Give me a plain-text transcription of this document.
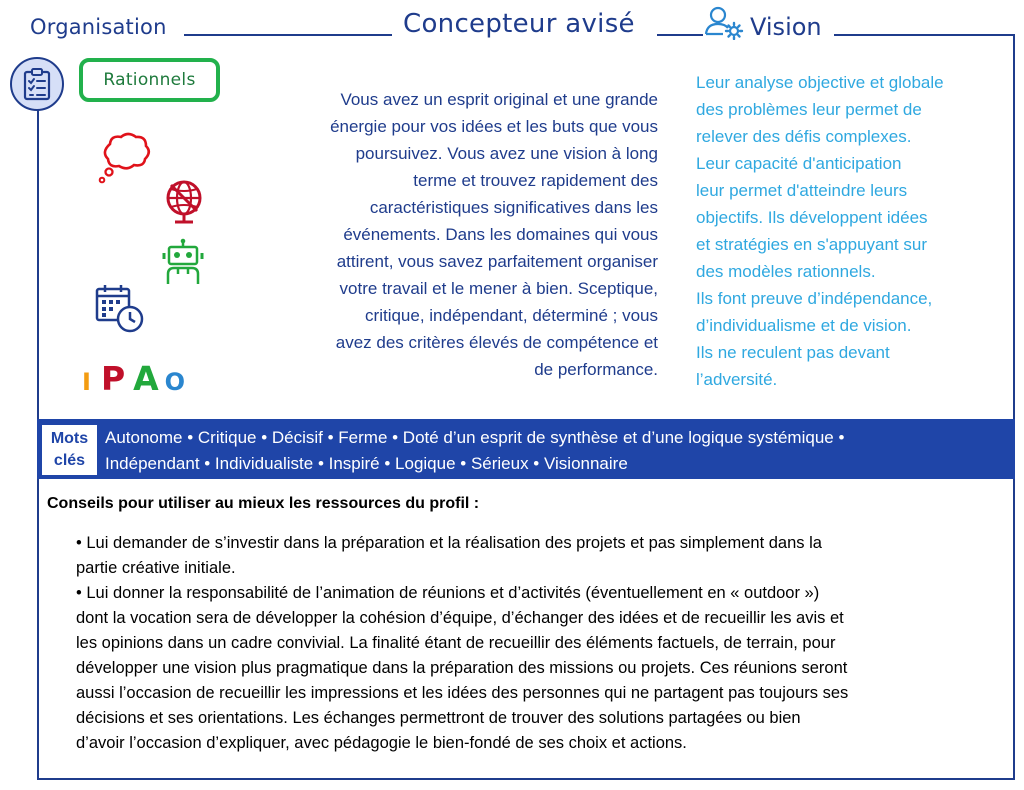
Organisation	Concepteur avisé	Vision
Rationnels
I P A O
Vous avez un esprit original et une grande
énergie pour vos idées et les buts que vous
poursuivez. Vous avez une vision à long
terme et trouvez rapidement des
caractéristiques significatives dans les
événements. Dans les domaines qui vous
attirent, vous savez parfaitement organiser
votre travail et le mener à bien. Sceptique,
critique, indépendant, déterminé ; vous
avez des critères élevés de compétence et
de performance.
Leur analyse objective et globale
des problèmes leur permet de
relever des défis complexes.
Leur capacité d'anticipation
leur permet d'atteindre leurs
objectifs. Ils développent idées
et stratégies en s'appuyant sur
des modèles rationnels.
Ils font preuve d’indépendance,
d’individualisme et de vision.
Ils ne reculent pas devant
l’adversité.
Mots
clés
Autonome • Critique • Décisif • Ferme • Doté d’un esprit de synthèse et d’une logique systémique •
Indépendant • Individualiste • Inspiré • Logique • Sérieux • Visionnaire
Conseils pour utiliser au mieux les ressources du profil :
• Lui demander de s’investir dans la préparation et la réalisation des projets et pas simplement dans la
partie créative initiale.
• Lui donner la responsabilité de l’animation de réunions et d’activités (éventuellement en « outdoor »)
dont la vocation sera de développer la cohésion d’équipe, d’échanger des idées et de recueillir les avis et
les opinions dans un cadre convivial. La finalité étant de recueillir des éléments factuels, de terrain, pour
développer une vision plus pragmatique dans la préparation des missions ou projets. Ces réunions seront
aussi l’occasion de recueillir les impressions et les idées des personnes qui ne partagent pas toujours ses
décisions et ses orientations. Les échanges permettront de trouver des solutions partagées ou bien
d’avoir l’occasion d’expliquer, avec pédagogie le bien-fondé de ses choix et actions.
